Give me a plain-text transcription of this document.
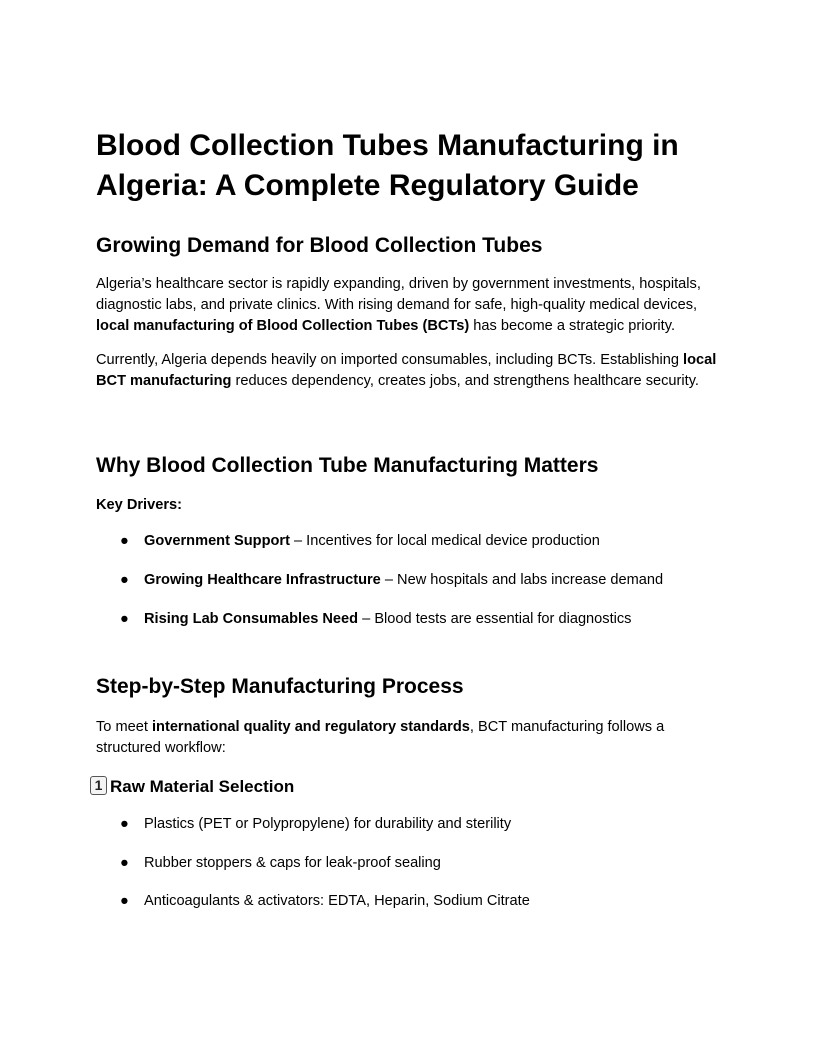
Blood Collection Tubes Manufacturing in Algeria: A Complete Regulatory Guide
Growing Demand for Blood Collection Tubes

Algeria’s healthcare sector is rapidly expanding, driven by government investments, hospitals, diagnostic labs, and private clinics. With rising demand for safe, high-quality medical devices, local manufacturing of Blood Collection Tubes (BCTs) has become a strategic priority.

Currently, Algeria depends heavily on imported consumables, including BCTs. Establishing local BCT manufacturing reduces dependency, creates jobs, and strengthens healthcare security.

Why Blood Collection Tube Manufacturing Matters

Key Drivers:

● Government Support – Incentives for local medical device production
● Growing Healthcare Infrastructure – New hospitals and labs increase demand
● Rising Lab Consumables Need – Blood tests are essential for diagnostics
Step-by-Step Manufacturing Process

To meet international quality and regulatory standards, BCT manufacturing follows a structured workflow:

1 Raw Material Selection
● Plastics (PET or Polypropylene) for durability and sterility
● Rubber stoppers & caps for leak-proof sealing
● Anticoagulants & activators: EDTA, Heparin, Sodium Citrate
